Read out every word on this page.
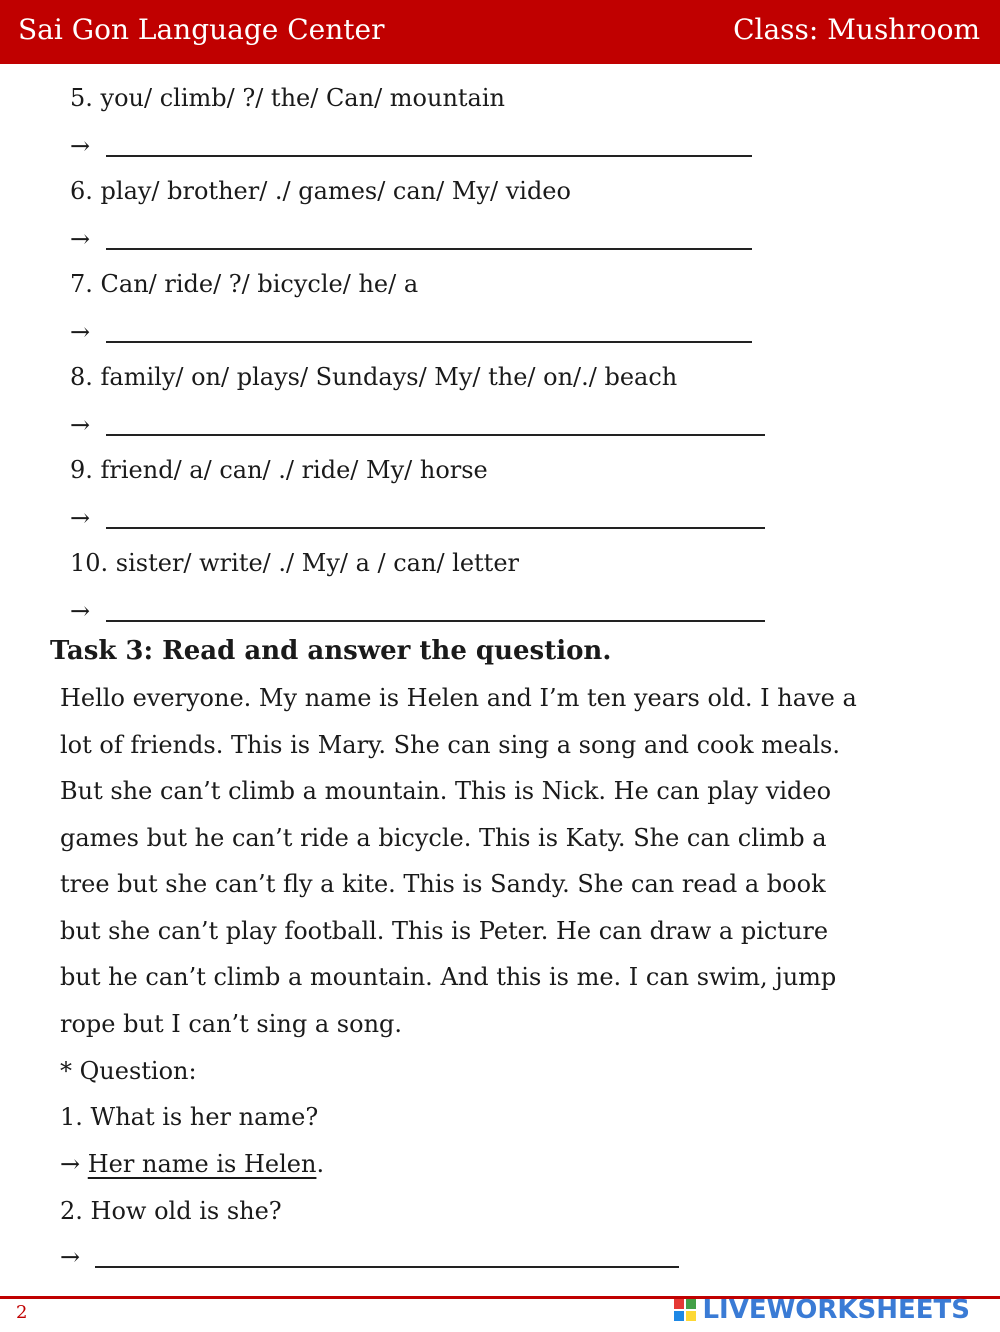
Sai Gon Language Center	Class: Mushroom
5. you/ climb/ ?/ the/ Can/ mountain
→
6. play/ brother/ ./ games/ can/ My/ video
→
7. Can/ ride/ ?/ bicycle/ he/ a
→
8. family/ on/ plays/ Sundays/ My/ the/ on/./ beach
→
9. friend/ a/ can/ ./ ride/ My/ horse
→
10. sister/ write/ ./ My/ a / can/ letter
→
Task 3: Read and answer the question.
Hello everyone. My name is Helen and I’m ten years old. I have a
lot of friends. This is Mary. She can sing a song and cook meals.
But she can’t climb a mountain. This is Nick. He can play video
games but he can’t ride a bicycle. This is Katy. She can climb a
tree but she can’t fly a kite. This is Sandy. She can read a book
but she can’t play football. This is Peter. He can draw a picture
but he can’t climb a mountain. And this is me. I can swim, jump
rope but I can’t sing a song.
* Question:
1. What is her name?
→ Her name is Helen.
2. How old is she?
→
2	LIVEWORKSHEETS
